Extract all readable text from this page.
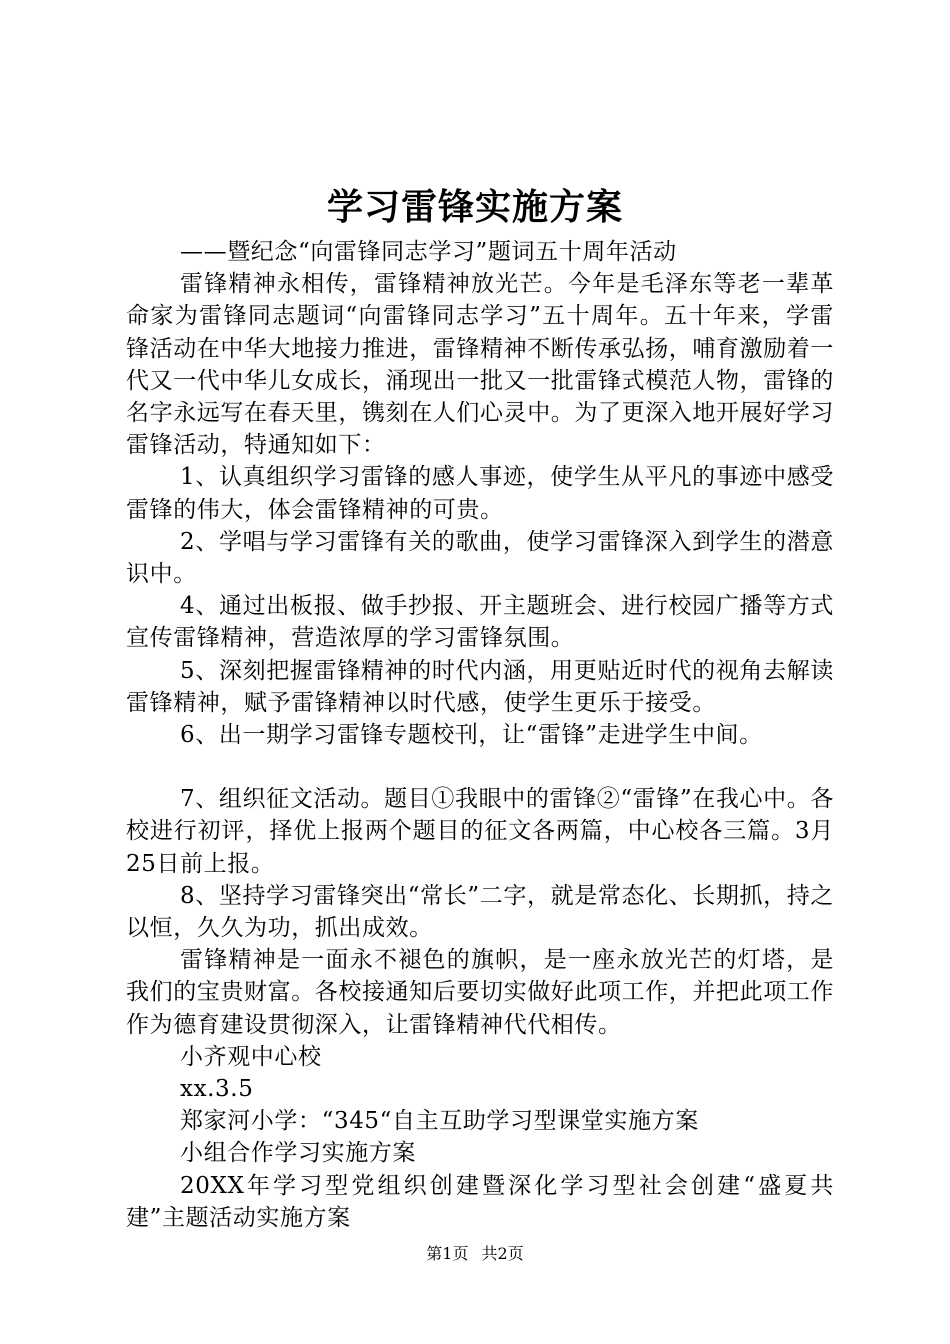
学习雷锋实施方案

——暨纪念“向雷锋同志学习”题词五十周年活动

雷锋精神永相传，雷锋精神放光芒。今年是毛泽东等老一辈革命家为雷锋同志题词“向雷锋同志学习”五十周年。五十年来，学雷锋活动在中华大地接力推进，雷锋精神不断传承弘扬，哺育激励着一代又一代中华儿女成长，涌现出一批又一批雷锋式模范人物，雷锋的名字永远写在春天里，镌刻在人们心灵中。为了更深入地开展好学习雷锋活动，特通知如下：

1、认真组织学习雷锋的感人事迹，使学生从平凡的事迹中感受雷锋的伟大，体会雷锋精神的可贵。

2、学唱与学习雷锋有关的歌曲，使学习雷锋深入到学生的潜意识中。

4、通过出板报、做手抄报、开主题班会、进行校园广播等方式宣传雷锋精神，营造浓厚的学习雷锋氛围。

5、深刻把握雷锋精神的时代内涵，用更贴近时代的视角去解读雷锋精神，赋予雷锋精神以时代感，使学生更乐于接受。

6、出一期学习雷锋专题校刊，让“雷锋”走进学生中间。

7、组织征文活动。题目①我眼中的雷锋②“雷锋”在我心中。各校进行初评，择优上报两个题目的征文各两篇，中心校各三篇。3月25日前上报。

8、坚持学习雷锋突出“常长”二字，就是常态化、长期抓，持之以恒，久久为功，抓出成效。

雷锋精神是一面永不褪色的旗帜，是一座永放光芒的灯塔，是我们的宝贵财富。各校接通知后要切实做好此项工作，并把此项工作作为德育建设贯彻深入，让雷锋精神代代相传。

小齐观中心校

xx.3.5

郑家河小学：“345“自主互助学习型课堂实施方案

小组合作学习实施方案

20XX年学习型党组织创建暨深化学习型社会创建“盛夏共建”主题活动实施方案

第1页 共2页
